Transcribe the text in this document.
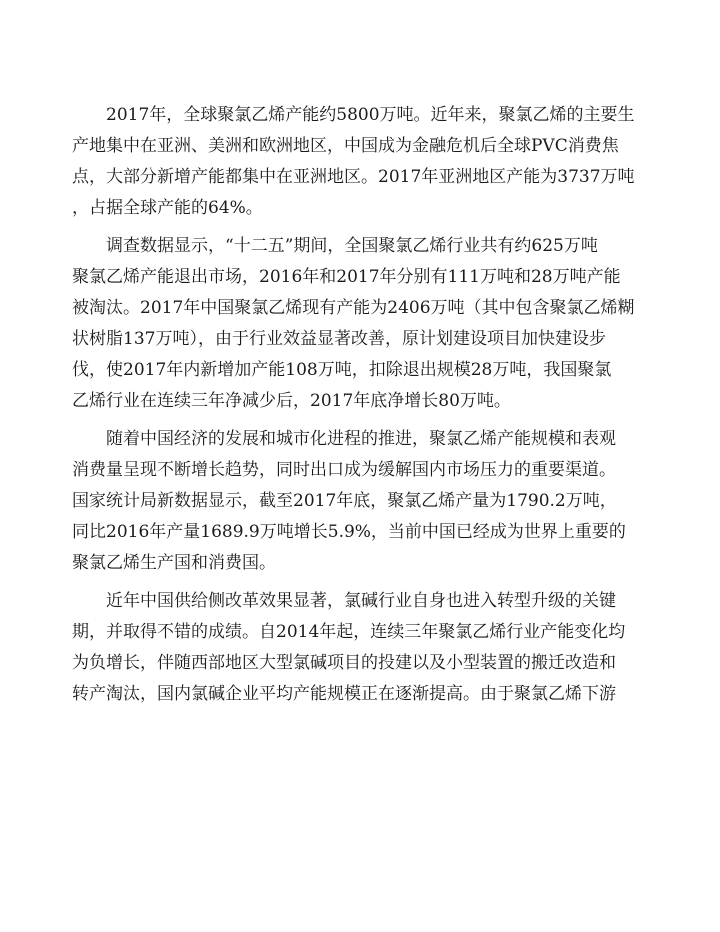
2017年，全球聚氯乙烯产能约5800万吨。近年来，聚氯乙烯的主要生
产地集中在亚洲、美洲和欧洲地区，中国成为金融危机后全球PVC消费焦
点，大部分新增产能都集中在亚洲地区。2017年亚洲地区产能为3737万吨
，占据全球产能的64%。

调查数据显示，“十二五”期间，全国聚氯乙烯行业共有约625万吨
聚氯乙烯产能退出市场，2016年和2017年分别有111万吨和28万吨产能
被淘汰。2017年中国聚氯乙烯现有产能为2406万吨（其中包含聚氯乙烯糊
状树脂137万吨），由于行业效益显著改善，原计划建设项目加快建设步
伐，使2017年内新增加产能108万吨，扣除退出规模28万吨，我国聚氯
乙烯行业在连续三年净减少后，2017年底净增长80万吨。

随着中国经济的发展和城市化进程的推进，聚氯乙烯产能规模和表观
消费量呈现不断增长趋势，同时出口成为缓解国内市场压力的重要渠道。
国家统计局新数据显示，截至2017年底，聚氯乙烯产量为1790.2万吨，
同比2016年产量1689.9万吨增长5.9%，当前中国已经成为世界上重要的
聚氯乙烯生产国和消费国。

近年中国供给侧改革效果显著，氯碱行业自身也进入转型升级的关键
期，并取得不错的成绩。自2014年起，连续三年聚氯乙烯行业产能变化均
为负增长，伴随西部地区大型氯碱项目的投建以及小型装置的搬迁改造和
转产淘汰，国内氯碱企业平均产能规模正在逐渐提高。由于聚氯乙烯下游
